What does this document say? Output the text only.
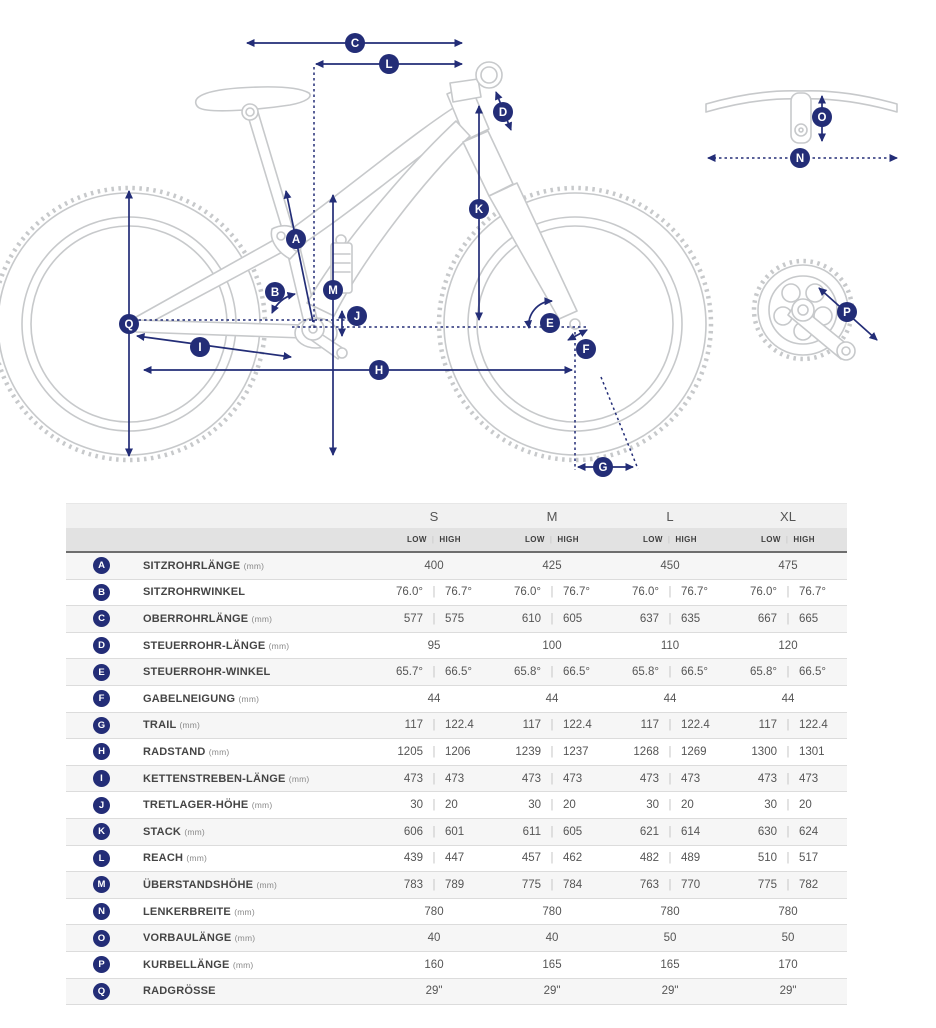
A
B
C
D
E
F
G
H
I
J
K
L
M
N
O
P
Q
S	M	L	XL
LOW | HIGH	LOW | HIGH	LOW | HIGH	LOW | HIGH
A	SITZROHRLÄNGE (mm)	400	425	450	475
B	SITZROHRWINKEL	76.0° | 76.7°	76.0° | 76.7°	76.0° | 76.7°	76.0° | 76.7°
C	OBERROHRLÄNGE (mm)	577 | 575	610 | 605	637 | 635	667 | 665
D	STEUERROHR-LÄNGE (mm)	95	100	110	120
E	STEUERROHR-WINKEL	65.7° | 66.5°	65.8° | 66.5°	65.8° | 66.5°	65.8° | 66.5°
F	GABELNEIGUNG (mm)	44	44	44	44
G	TRAIL (mm)	117 | 122.4	117 | 122.4	117 | 122.4	117 | 122.4
H	RADSTAND (mm)	1205 | 1206	1239 | 1237	1268 | 1269	1300 | 1301
I	KETTENSTREBEN-LÄNGE (mm)	473 | 473	473 | 473	473 | 473	473 | 473
J	TRETLAGER-HÖHE (mm)	30 | 20	30 | 20	30 | 20	30 | 20
K	STACK (mm)	606 | 601	611 | 605	621 | 614	630 | 624
L	REACH (mm)	439 | 447	457 | 462	482 | 489	510 | 517
M	ÜBERSTANDSHÖHE (mm)	783 | 789	775 | 784	763 | 770	775 | 782
N	LENKERBREITE (mm)	780	780	780	780
O	VORBAULÄNGE (mm)	40	40	50	50
P	KURBELLÄNGE (mm)	160	165	165	170
Q	RADGRÖSSE	29"	29"	29"	29"
